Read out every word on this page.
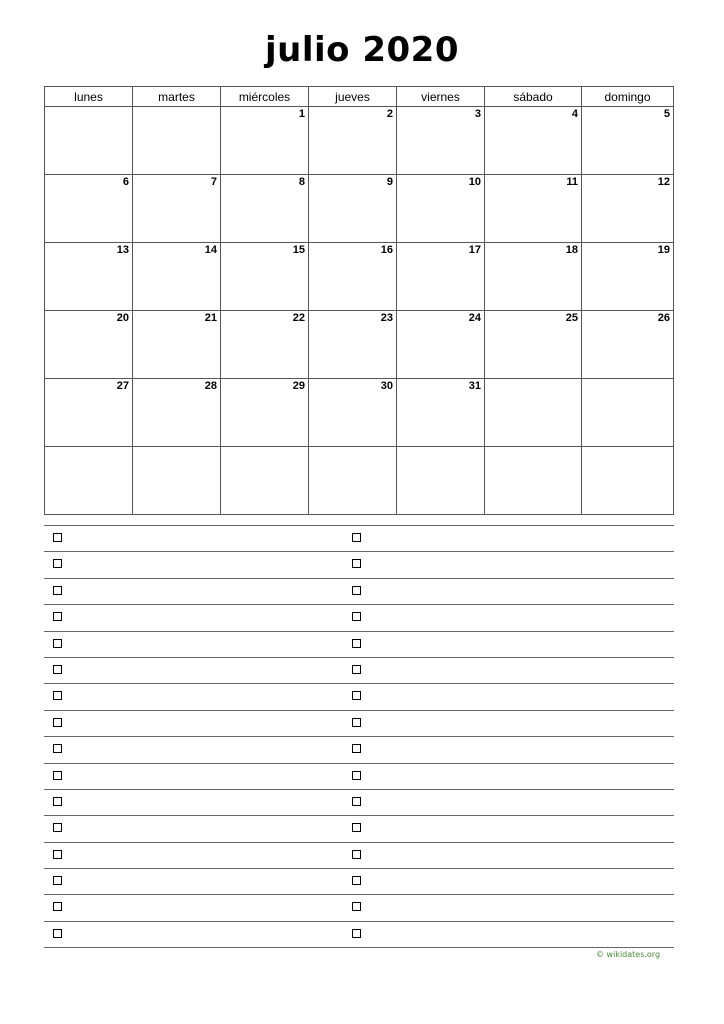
julio 2020
lunes	martes	miércoles	jueves	viernes	sábado	domingo

		1	2	3	4	5

6	7	8	9	10	11	12

13	14	15	16	17	18	19

20	21	22	23	24	25	26

27	28	29	30	31		

© wikidates.org
